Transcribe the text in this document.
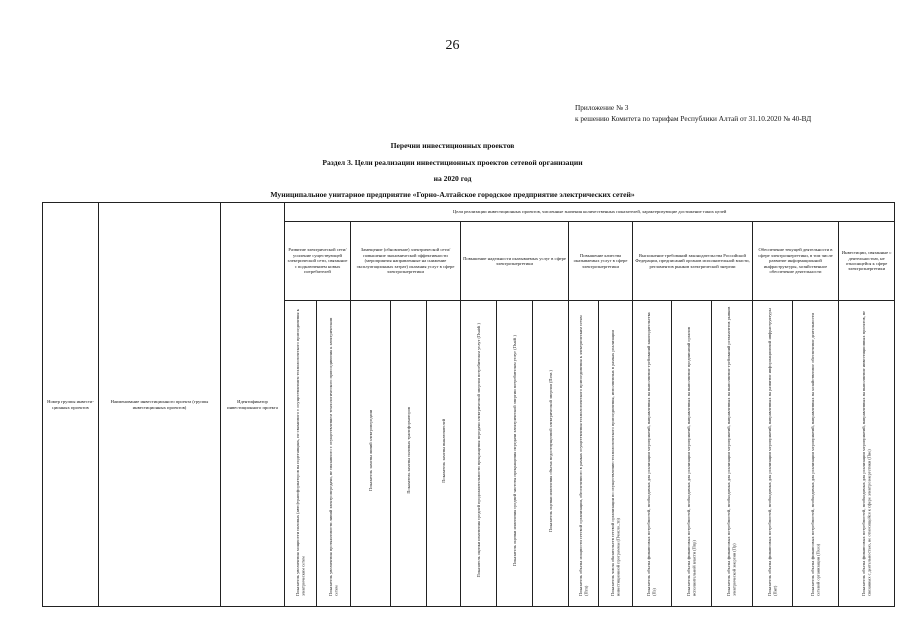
26
Приложение № 3
к решению Комитета по тарифам Республики Алтай от 31.10.2020 № 40-ВД
Перечни инвестиционных проектов
Раздел 3. Цели реализации инвестиционных проектов сетевой организации
на 2020 год
Муниципальное унитарное предприятие «Горно-Алтайское городское предприятие электрических сетей»
Номер группы инвести-ционных проектов	Наименование инвестиционного проекта (группы инвестиционных проектов)	Идентификатор инвестиционного проекта	Цели реализации инвестиционных проектов, численные значения количественных показателей, характеризующие достижение таких целей															

			Развитие электрической сети/усиление существующей электрической сети, связанное с подключением новых потребителей		Замещение (обновление) электрической сети/повышение экономической эффективности (мероприятия направленные на снижение эксплуатационных затрат) оказания услуг в сфере электроэнергетики			Повышение надежности оказываемых услуг в сфере электроэнергетики			Повышение качества оказываемых услуг в сфере электроэнергетики		Выполнение требований законодательства Российской Федерации, предписаний органов исполнительной власти, регламентов рынков электрической энергии			Обеспечение текущей деятельности в сфере электроэнергетики, в том числе развитие информационной инфраструктуры, хозяйственное обеспечение деятельности		Инвестиции, связанные с деятельностью, не относящейся к сфере электроэнергетики

			Показатель увеличения мощности силовых (авто)трансформаторов на подстанциях, не связанного с осуществлением технологического присоединения к электрическим сетям	Показатель увеличения протяженности линий электропередачи, не связанного с осуществлением технологического присоединения к электрическим сетям	Показатель замены линий электропередачи	Показатель замены силовых трансформаторов	Показатель замены выключателей	Показатель оценки изменения средней продолжительности прекращения передачи электрической энергии потребителям услуг (Пsaidi )	Показатель оценки изменения средней частоты прекращения передачи электрической энергии потребителям услуг (Пsaifi )	Показатель оценки изменения объема недоотпущенной электрической энергии (Пens )	Показатель объема мощности сетевой организации, обеспеченного в рамках осуществления технологического присоединения к электрическим сетям (Птп)	Показатель числа обязательств сетевой организации по осуществлению технологического присоединения, исполненных в рамках реализации инвестиционной программы (Пчисло_тп)	Показатель объема финансовых потребностей, необходимых для реализации мероприятий, направленных на выполнение требований законодательства (Пз)	Показатель объема финансовых потребностей, необходимых для реализации мероприятий, направленных на выполнение предписаний органов исполнительной власти (Ппр)	Показатель объема финансовых потребностей, необходимых для реализации мероприятий, направленных на выполнение требований регламентов рынков электрической энергии (Пр)	Показатель объема финансовых потребностей, необходимых для реализации мероприятий, направленных на развитие информационной инфраструктуры (Пит)	Показатель объема финансовых потребностей, необходимых для реализации мероприятий, направленных на хозяйственное обеспечение деятельности сетевой организации (Пхоз)	Показатель объема финансовых потребностей, необходимых для реализации мероприятий, направленных на выполнение инвестиционных проектов, не связанных с деятельностью, не относящейся к сфере электроэнергетики (Пне)
